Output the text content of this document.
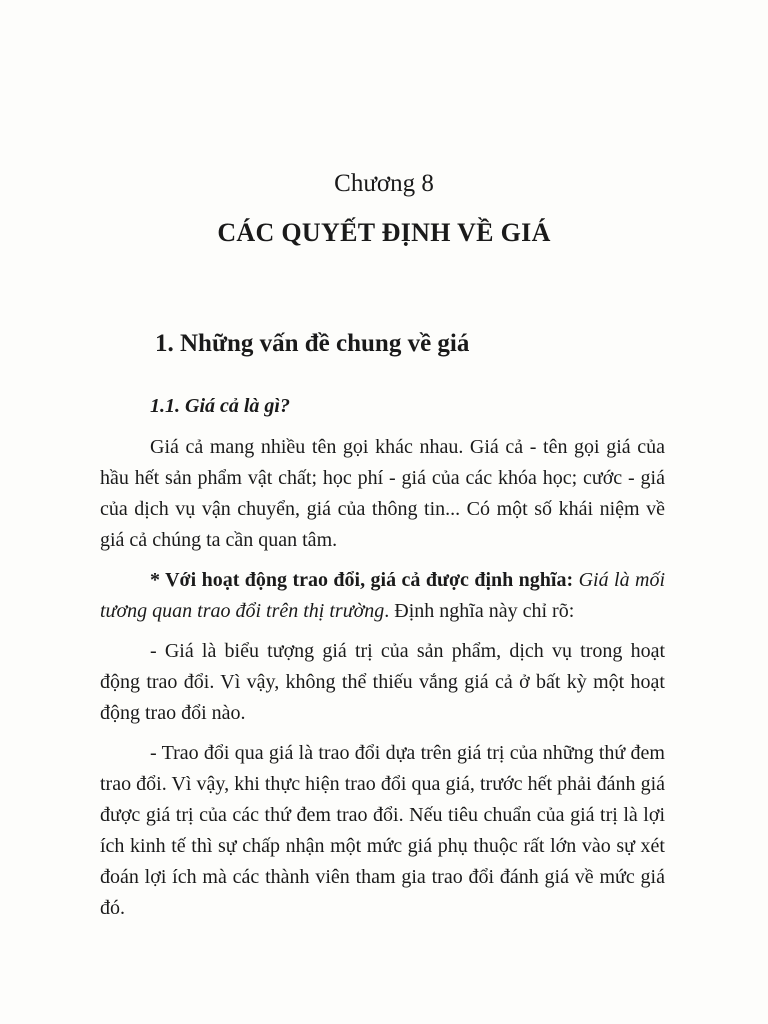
Chương 8
CÁC QUYẾT ĐỊNH VỀ GIÁ
1. Những vấn đề chung về giá
1.1. Giá cả là gì?

Giá cả mang nhiều tên gọi khác nhau. Giá cả - tên gọi giá của hầu hết sản phẩm vật chất; học phí - giá của các khóa học; cước - giá của dịch vụ vận chuyển, giá của thông tin... Có một số khái niệm về giá cả chúng ta cần quan tâm.

* Với hoạt động trao đổi, giá cả được định nghĩa: Giá là mối tương quan trao đổi trên thị trường. Định nghĩa này chỉ rõ:

- Giá là biểu tượng giá trị của sản phẩm, dịch vụ trong hoạt động trao đổi. Vì vậy, không thể thiếu vắng giá cả ở bất kỳ một hoạt động trao đổi nào.

- Trao đổi qua giá là trao đổi dựa trên giá trị của những thứ đem trao đổi. Vì vậy, khi thực hiện trao đổi qua giá, trước hết phải đánh giá được giá trị của các thứ đem trao đổi. Nếu tiêu chuẩn của giá trị là lợi ích kinh tế thì sự chấp nhận một mức giá phụ thuộc rất lớn vào sự xét đoán lợi ích mà các thành viên tham gia trao đổi đánh giá về mức giá đó.
